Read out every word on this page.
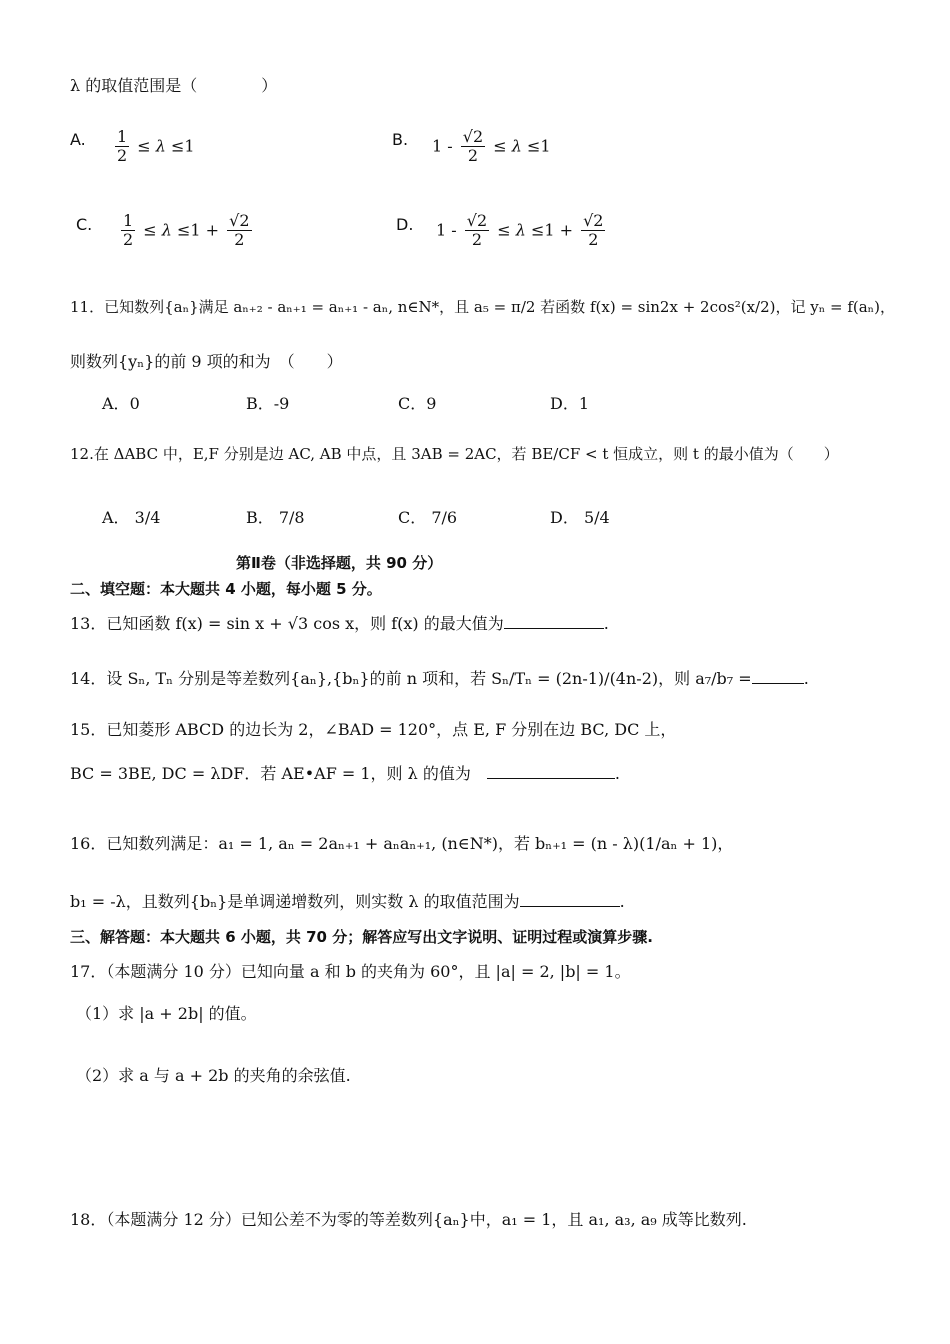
λ 的取值范围是（　　　　）
A. $\frac{1}{2} \le \lambda \le 1$	B. $1 - \frac{√2}{2} \le \lambda \le 1$
C. $\frac{1}{2} \le \lambda \le 1 + \frac{√2}{2}$	D. $1 - \frac{√2}{2} \le \lambda \le 1 + \frac{√2}{2}$
11．已知数列{aₙ}满足 aₙ₊₂ - aₙ₊₁ = aₙ₊₁ - aₙ, n∈N*，且 a₅ = π/2 若函数 f(x) = sin2x + 2cos²(x/2)，记 yₙ = f(aₙ)，
则数列{yₙ}的前 9 项的和为　（　　）
A．0	B．-9	C．9	D．1
12.在 ΔABC 中，E,F 分别是边 AC, AB 中点，且 3AB = 2AC，若 BE/CF < t 恒成立，则 t 的最小值为（　　）
A． 3/4	B． 7/8	C． 7/6	D． 5/4
第Ⅱ卷（非选择题，共 90 分）
二、填空题：本大题共 4 小题，每小题 5 分。
13．已知函数 f(x) = sin x + √3 cos x，则 f(x) 的最大值为	.
14．设 Sₙ, Tₙ 分别是等差数列{aₙ},{bₙ}的前 n 项和，若 Sₙ/Tₙ = (2n-1)/(4n-2)，则 a₇/b₇ =	.
15．已知菱形 ABCD 的边长为 2，∠BAD = 120°，点 E, F 分别在边 BC, DC 上，
BC = 3BE, DC = λDF．若 AE•AF = 1，则 λ 的值为　	.
16．已知数列满足：a₁ = 1, aₙ = 2aₙ₊₁ + aₙaₙ₊₁, (n∈N*)，若 bₙ₊₁ = (n - λ)(1/aₙ + 1)，
b₁ = -λ，且数列{bₙ}是单调递增数列，则实数 λ 的取值范围为	.
三、解答题：本大题共 6 小题，共 70 分；解答应写出文字说明、证明过程或演算步骤.
17．（本题满分 10 分）已知向量 a 和 b 的夹角为 60°，且 |a| = 2, |b| = 1。
（1）求 |a + 2b| 的值。
（2）求 a 与 a + 2b 的夹角的余弦值.
18．（本题满分 12 分）已知公差不为零的等差数列{aₙ}中，a₁ = 1，且 a₁, a₃, a₉ 成等比数列.
